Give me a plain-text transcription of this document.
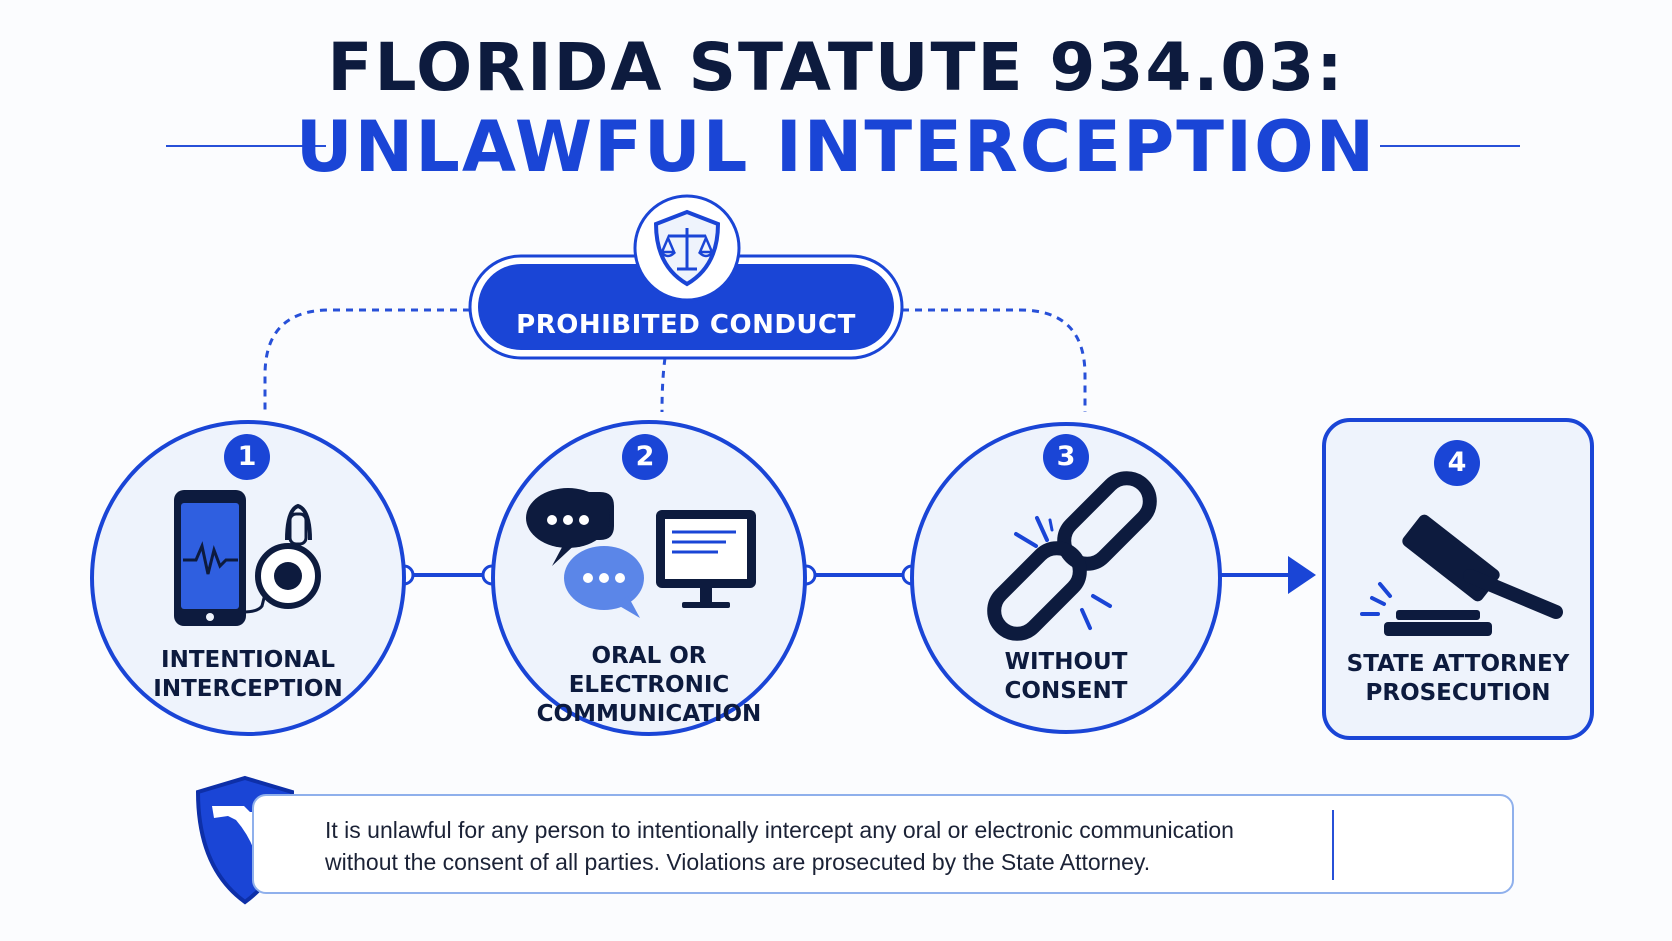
FLORIDA STATUTE 934.03:
UNLAWFUL INTERCEPTION
PROHIBITED CONDUCT
1	2	3	4
INTENTIONAL
INTERCEPTION
ORAL OR ELECTRONIC
COMMUNICATION
WITHOUT
CONSENT
STATE ATTORNEY
PROSECUTION
It is unlawful for any person to intentionally intercept any oral or electronic communication
without the consent of all parties. Violations are prosecuted by the State Attorney.
